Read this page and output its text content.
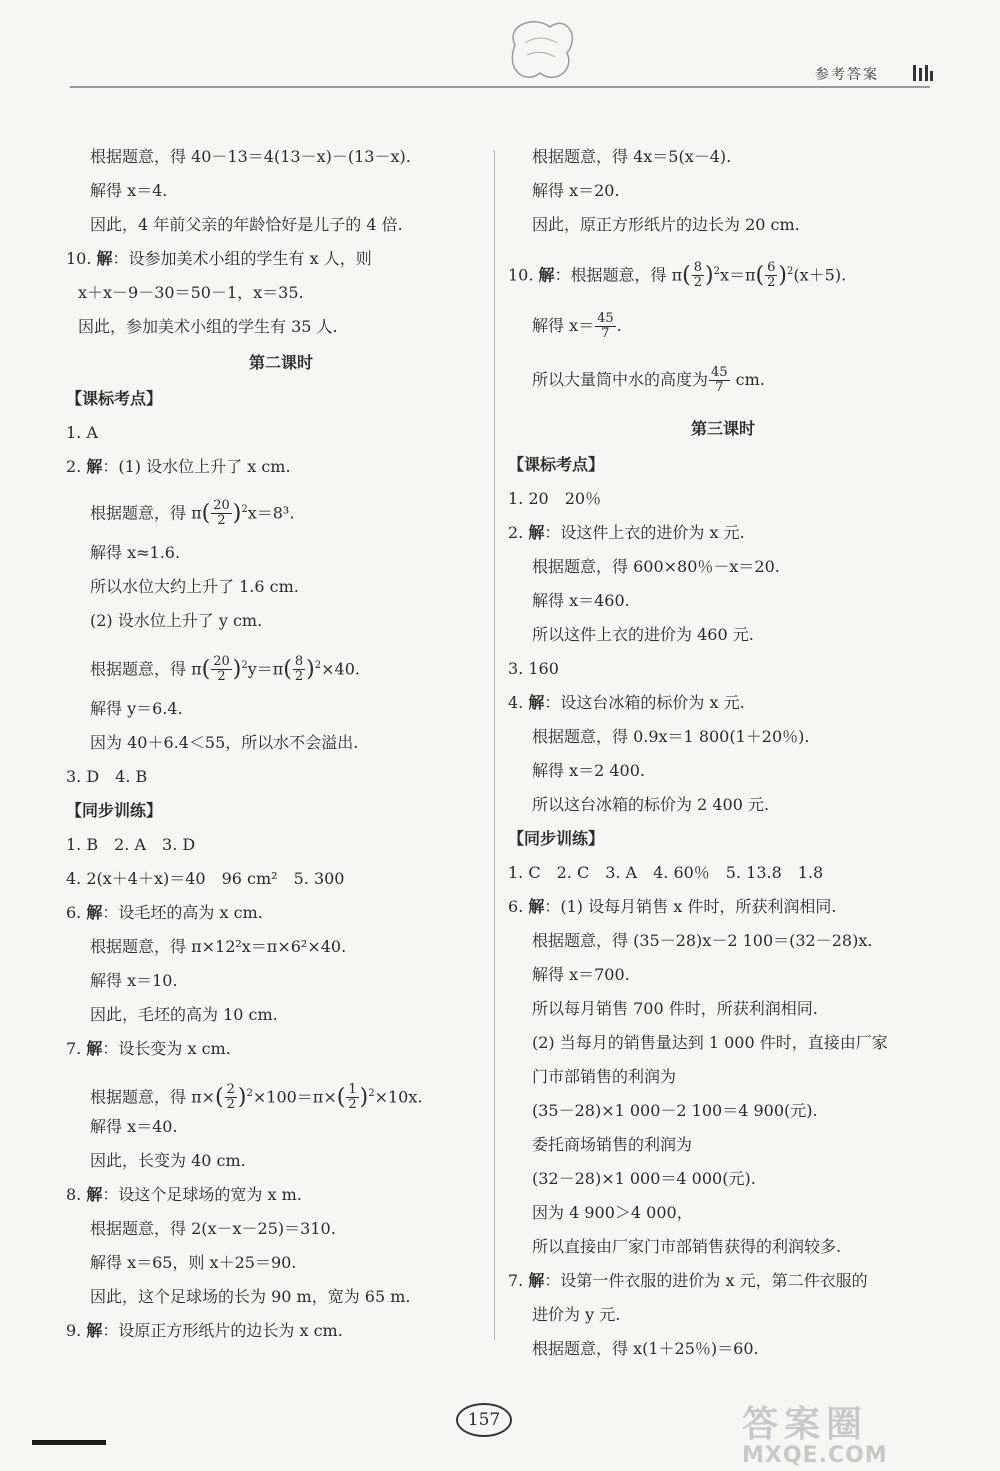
参考答案
根据题意，得 40－13＝4(13－x)－(13－x).
解得 x＝4.
因此，4 年前父亲的年龄恰好是儿子的 4 倍.
10. 解：设参加美术小组的学生有 x 人，则
x＋x－9－30＝50－1，x＝35.
因此，参加美术小组的学生有 35 人.
第二课时
【课标考点】
1. A
2. 解：(1) 设水位上升了 x cm.
根据题意，得 $\pi( \frac{20}{2} )^2x=8^3$.
解得 x≈1.6.
所以水位大约上升了 1.6 cm.
(2) 设水位上升了 y cm.
根据题意，得 $\pi( \frac{20}{2} )^2y=\pi( \frac{8}{2} )^2\times 40$.
解得 y＝6.4.
因为 40＋6.4＜55，所以水不会溢出.
3. D　4. B
【同步训练】
1. B　2. A　3. D
4. 2(x＋4＋x)＝40　96 cm²　5. 300
6. 解：设毛坯的高为 x cm.
根据题意，得 π×12²x＝π×6²×40.
解得 x＝10.
因此，毛坯的高为 10 cm.
7. 解：设长变为 x cm.
根据题意，得 $\pi\times( \frac{2}{2} )^2\times 100=\pi\times( \frac{1}{2} )^2\times 10x$.
解得 x＝40.
因此，长变为 40 cm.
8. 解：设这个足球场的宽为 x m.
根据题意，得 2(x－x－25)＝310.
解得 x＝65，则 x＋25＝90.
因此，这个足球场的长为 90 m，宽为 65 m.
9. 解：设原正方形纸片的边长为 x cm.
根据题意，得 4x＝5(x－4).
解得 x＝20.
因此，原正方形纸片的边长为 20 cm.
10. 解：根据题意，得 $\pi( \frac{8}{2} )^2x=\pi( \frac{6}{2} )^2(x+5)$.
解得 $x= \frac{45}{7}$ .
所以大量筒中水的高度为 $\frac{45}{7}$ cm.
第三课时
【课标考点】
1. 20　20％
2. 解：设这件上衣的进价为 x 元.
根据题意，得 600×80％－x＝20.
解得 x＝460.
所以这件上衣的进价为 460 元.
3. 160
4. 解：设这台冰箱的标价为 x 元.
根据题意，得 0.9x＝1 800(1＋20％).
解得 x＝2 400.
所以这台冰箱的标价为 2 400 元.
【同步训练】
1. C　2. C　3. A　4. 60％　5. 13.8　1.8
6. 解：(1) 设每月销售 x 件时，所获利润相同.
根据题意，得 (35－28)x－2 100＝(32－28)x.
解得 x＝700.
所以每月销售 700 件时，所获利润相同.
(2) 当每月的销售量达到 1 000 件时，直接由厂家
门市部销售的利润为
(35－28)×1 000－2 100＝4 900(元).
委托商场销售的利润为
(32－28)×1 000＝4 000(元).
因为 4 900＞4 000，
所以直接由厂家门市部销售获得的利润较多.
7. 解：设第一件衣服的进价为 x 元，第二件衣服的
进价为 y 元.
根据题意，得 x(1＋25％)＝60.
157	答案圈
MXQE.COM
